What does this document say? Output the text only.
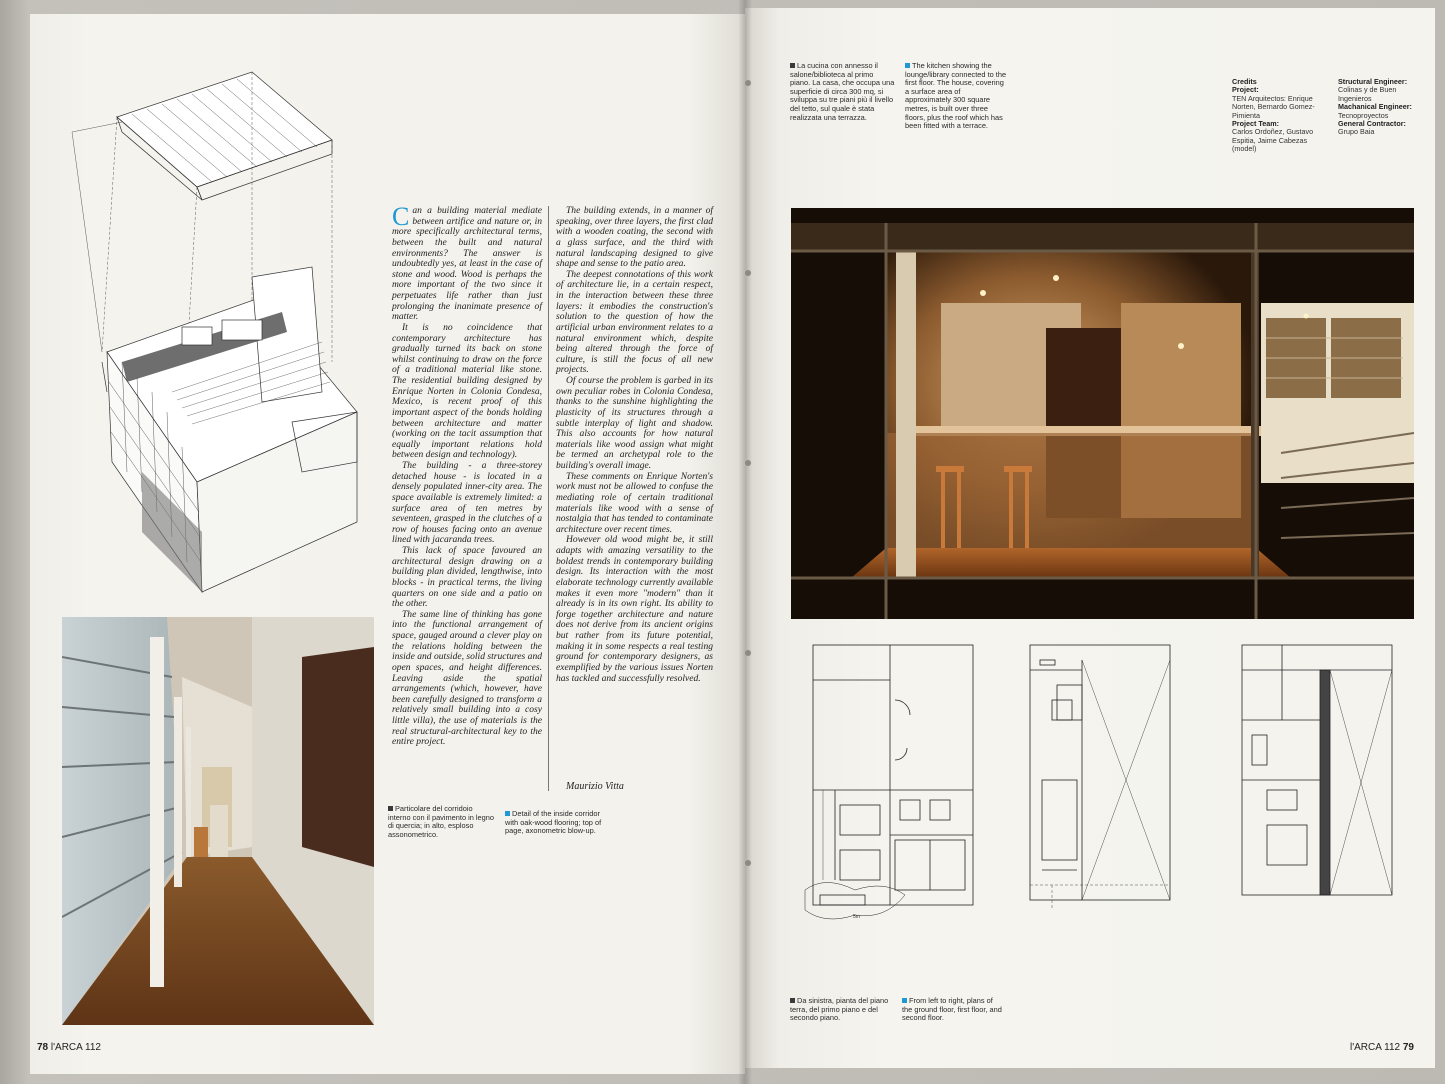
Can a building material mediate between artifice and nature or, in more specifically architectural terms, between the built and natural environments? The answer is undoubtedly yes, at least in the case of stone and wood. Wood is perhaps the more important of the two since it perpetuates life rather than just prolonging the inanimate presence of matter.

It is no coincidence that contemporary architecture has gradually turned its back on stone whilst continuing to draw on the force of a traditional material like stone. The residential building designed by Enrique Norten in Colonia Condesa, Mexico, is recent proof of this important aspect of the bonds holding between architecture and matter (working on the tacit assumption that equally important relations hold between design and technology).

The building - a three-storey detached house - is located in a densely populated inner-city area. The space available is extremely limited: a surface area of ten metres by seventeen, grasped in the clutches of a row of houses facing onto an avenue lined with jacaranda trees.

This lack of space favoured an architectural design drawing on a building plan divided, lengthwise, into blocks - in practical terms, the living quarters on one side and a patio on the other.

The same line of thinking has gone into the functional arrangement of space, gauged around a clever play on the relations holding between the inside and outside, solid structures and open spaces, and height differences. Leaving aside the spatial arrangements (which, however, have been carefully designed to transform a relatively small building into a cosy little villa), the use of materials is the real structural-architectural key to the entire project.

The building extends, in a manner of speaking, over three layers, the first clad with a wooden coating, the second with a glass surface, and the third with natural landscaping designed to give shape and sense to the patio area.

The deepest connotations of this work of architecture lie, in a certain respect, in the interaction between these three layers: it embodies the construction's solution to the question of how the artificial urban environment relates to a natural environment which, despite being altered through the force of culture, is still the focus of all new projects.

Of course the problem is garbed in its own peculiar robes in Colonia Condesa, thanks to the sunshine highlighting the plasticity of its structures through a subtle interplay of light and shadow. This also accounts for how natural materials like wood assign what might be termed an archetypal role to the building's overall image.

These comments on Enrique Norten's work must not be allowed to confuse the mediating role of certain traditional materials like wood with a sense of nostalgia that has tended to contaminate architecture over recent times.

However old wood might be, it still adapts with amazing versatility to the boldest trends in contemporary building design. Its interaction with the most elaborate technology currently available makes it even more "modern" than it already is in its own right. Its ability to forge together architecture and nature does not derive from its ancient origins but rather from its future potential, making it in some respects a real testing ground for contemporary designers, as exemplified by the various issues Norten has tackled and successfully resolved.

Maurizio Vitta
Particolare del corridoio interno con il pavimento in legno di quercia; in alto, esploso assonometrico.
Detail of the inside corridor with oak-wood flooring; top of page, axonometric blow-up.
La cucina con annesso il salone/biblioteca al primo piano. La casa, che occupa una superficie di circa 300 mq, si sviluppa su tre piani più il livello del tetto, sul quale è stata realizzata una terrazza.
The kitchen showing the lounge/library connected to the first floor. The house, covering a surface area of approximately 300 square metres, is built over three floors, plus the roof which has been fitted with a terrace.
Credits
Project:
TEN Arquitectos: Enrique Norten, Bernardo Gomez-Pimienta
Project Team:
Carlos Ordoñez, Gustavo Espitia, Jaime Cabezas (model)
Structural Engineer:
Colinas y de Buen Ingenieros
Machanical Engineer:
Tecnoproyectos
General Contractor:
Grupo Baia
5m
Da sinistra, pianta del piano terra, del primo piano e del secondo piano.
From left to right, plans of the ground floor, first floor, and second floor.
78 l'ARCA 112	l'ARCA 112 79
